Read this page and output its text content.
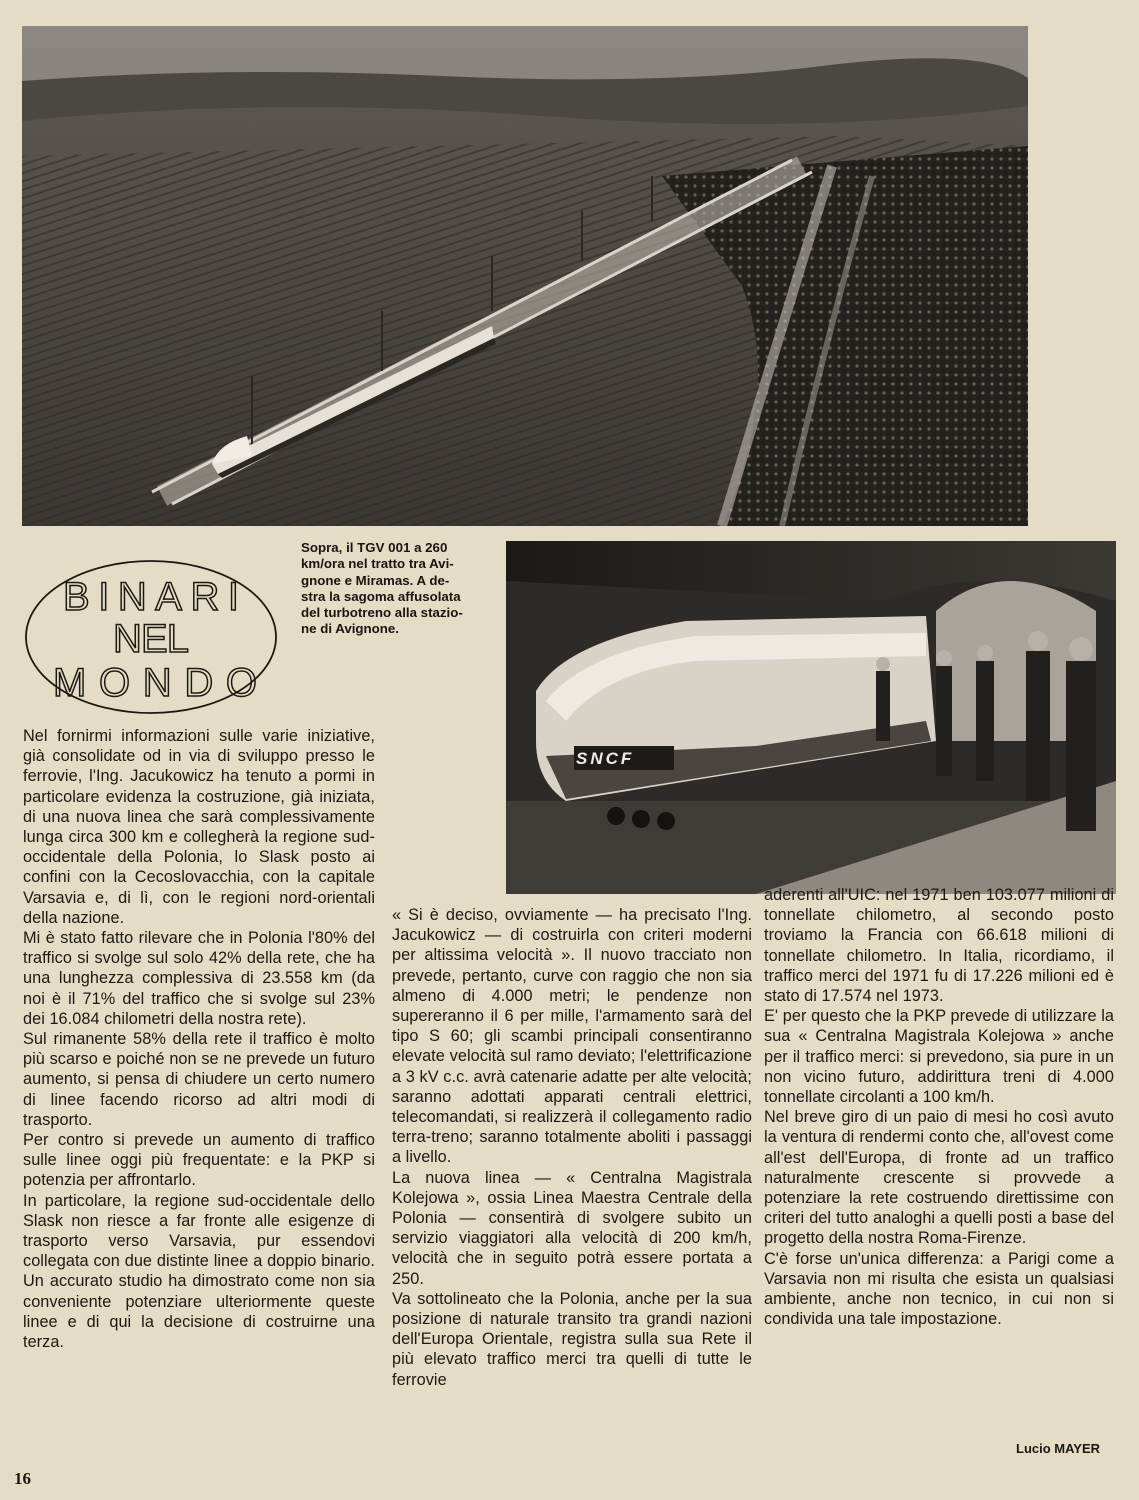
SNCF
Sopra, il TGV 001 a 260
km/ora nel tratto tra Avi-
gnone e Miramas. A de-
stra la sagoma affusolata
del turbotreno alla stazio-
ne di Avignone.
BINARI
NEL
MONDO

Nel fornirmi informazioni sulle varie iniziative, già consolidate od in via di sviluppo presso le ferrovie, l'Ing. Jacukowicz ha tenuto a pormi in particolare evidenza la costruzione, già iniziata, di una nuova linea che sarà complessivamente lunga circa 300 km e collegherà la regione sud-occidentale della Polonia, lo Slask posto ai confini con la Cecoslovacchia, con la capitale Varsavia e, di lì, con le regioni nord-orientali della nazione.

Mi è stato fatto rilevare che in Polonia l'80% del traffico si svolge sul solo 42% della rete, che ha una lunghezza complessiva di 23.558 km (da noi è il 71% del traffico che si svolge sul 23% dei 16.084 chilometri della nostra rete).

Sul rimanente 58% della rete il traffico è molto più scarso e poiché non se ne prevede un futuro aumento, si pensa di chiudere un certo numero di linee facendo ricorso ad altri modi di trasporto.

Per contro si prevede un aumento di traffico sulle linee oggi più frequentate: e la PKP si potenzia per affrontarlo.

In particolare, la regione sud-occidentale dello Slask non riesce a far fronte alle esigenze di trasporto verso Varsavia, pur essendovi collegata con due distinte linee a doppio binario. Un accurato studio ha dimostrato come non sia conveniente potenziare ulteriormente queste linee e di qui la decisione di costruirne una terza.

« Si è deciso, ovviamente — ha precisato l'Ing. Jacukowicz — di costruirla con criteri moderni per altissima velocità ». Il nuovo tracciato non prevede, pertanto, curve con raggio che non sia almeno di 4.000 metri; le pendenze non supereranno il 6 per mille, l'armamento sarà del tipo S 60; gli scambi principali consentiranno elevate velocità sul ramo deviato; l'elettrificazione a 3 kV c.c. avrà catenarie adatte per alte velocità; saranno adottati apparati centrali elettrici, telecomandati, si realizzerà il collegamento radio terra-treno; saranno totalmente aboliti i passaggi a livello.

La nuova linea — « Centralna Magistrala Kolejowa », ossia Linea Maestra Centrale della Polonia — consentirà di svolgere subito un servizio viaggiatori alla velocità di 200 km/h, velocità che in seguito potrà essere portata a 250.

Va sottolineato che la Polonia, anche per la sua posizione di naturale transito tra grandi nazioni dell'Europa Orientale, registra sulla sua Rete il più elevato traffico merci tra quelli di tutte le ferrovie

aderenti all'UIC: nel 1971 ben 103.077 milioni di tonnellate chilometro, al secondo posto troviamo la Francia con 66.618 milioni di tonnellate chilometro. In Italia, ricordiamo, il traffico merci del 1971 fu di 17.226 milioni ed è stato di 17.574 nel 1973.

E' per questo che la PKP prevede di utilizzare la sua « Centralna Magistrala Kolejowa » anche per il traffico merci: si prevedono, sia pure in un non vicino futuro, addirittura treni di 4.000 tonnellate circolanti a 100 km/h.

Nel breve giro di un paio di mesi ho così avuto la ventura di rendermi conto che, all'ovest come all'est dell'Europa, di fronte ad un traffico naturalmente crescente si provvede a potenziare la rete costruendo direttissime con criteri del tutto analoghi a quelli posti a base del progetto della nostra Roma-Firenze.

C'è forse un'unica differenza: a Parigi come a Varsavia non mi risulta che esista un qualsiasi ambiente, anche non tecnico, in cui non si condivida una tale impostazione.

Lucio MAYER
16
